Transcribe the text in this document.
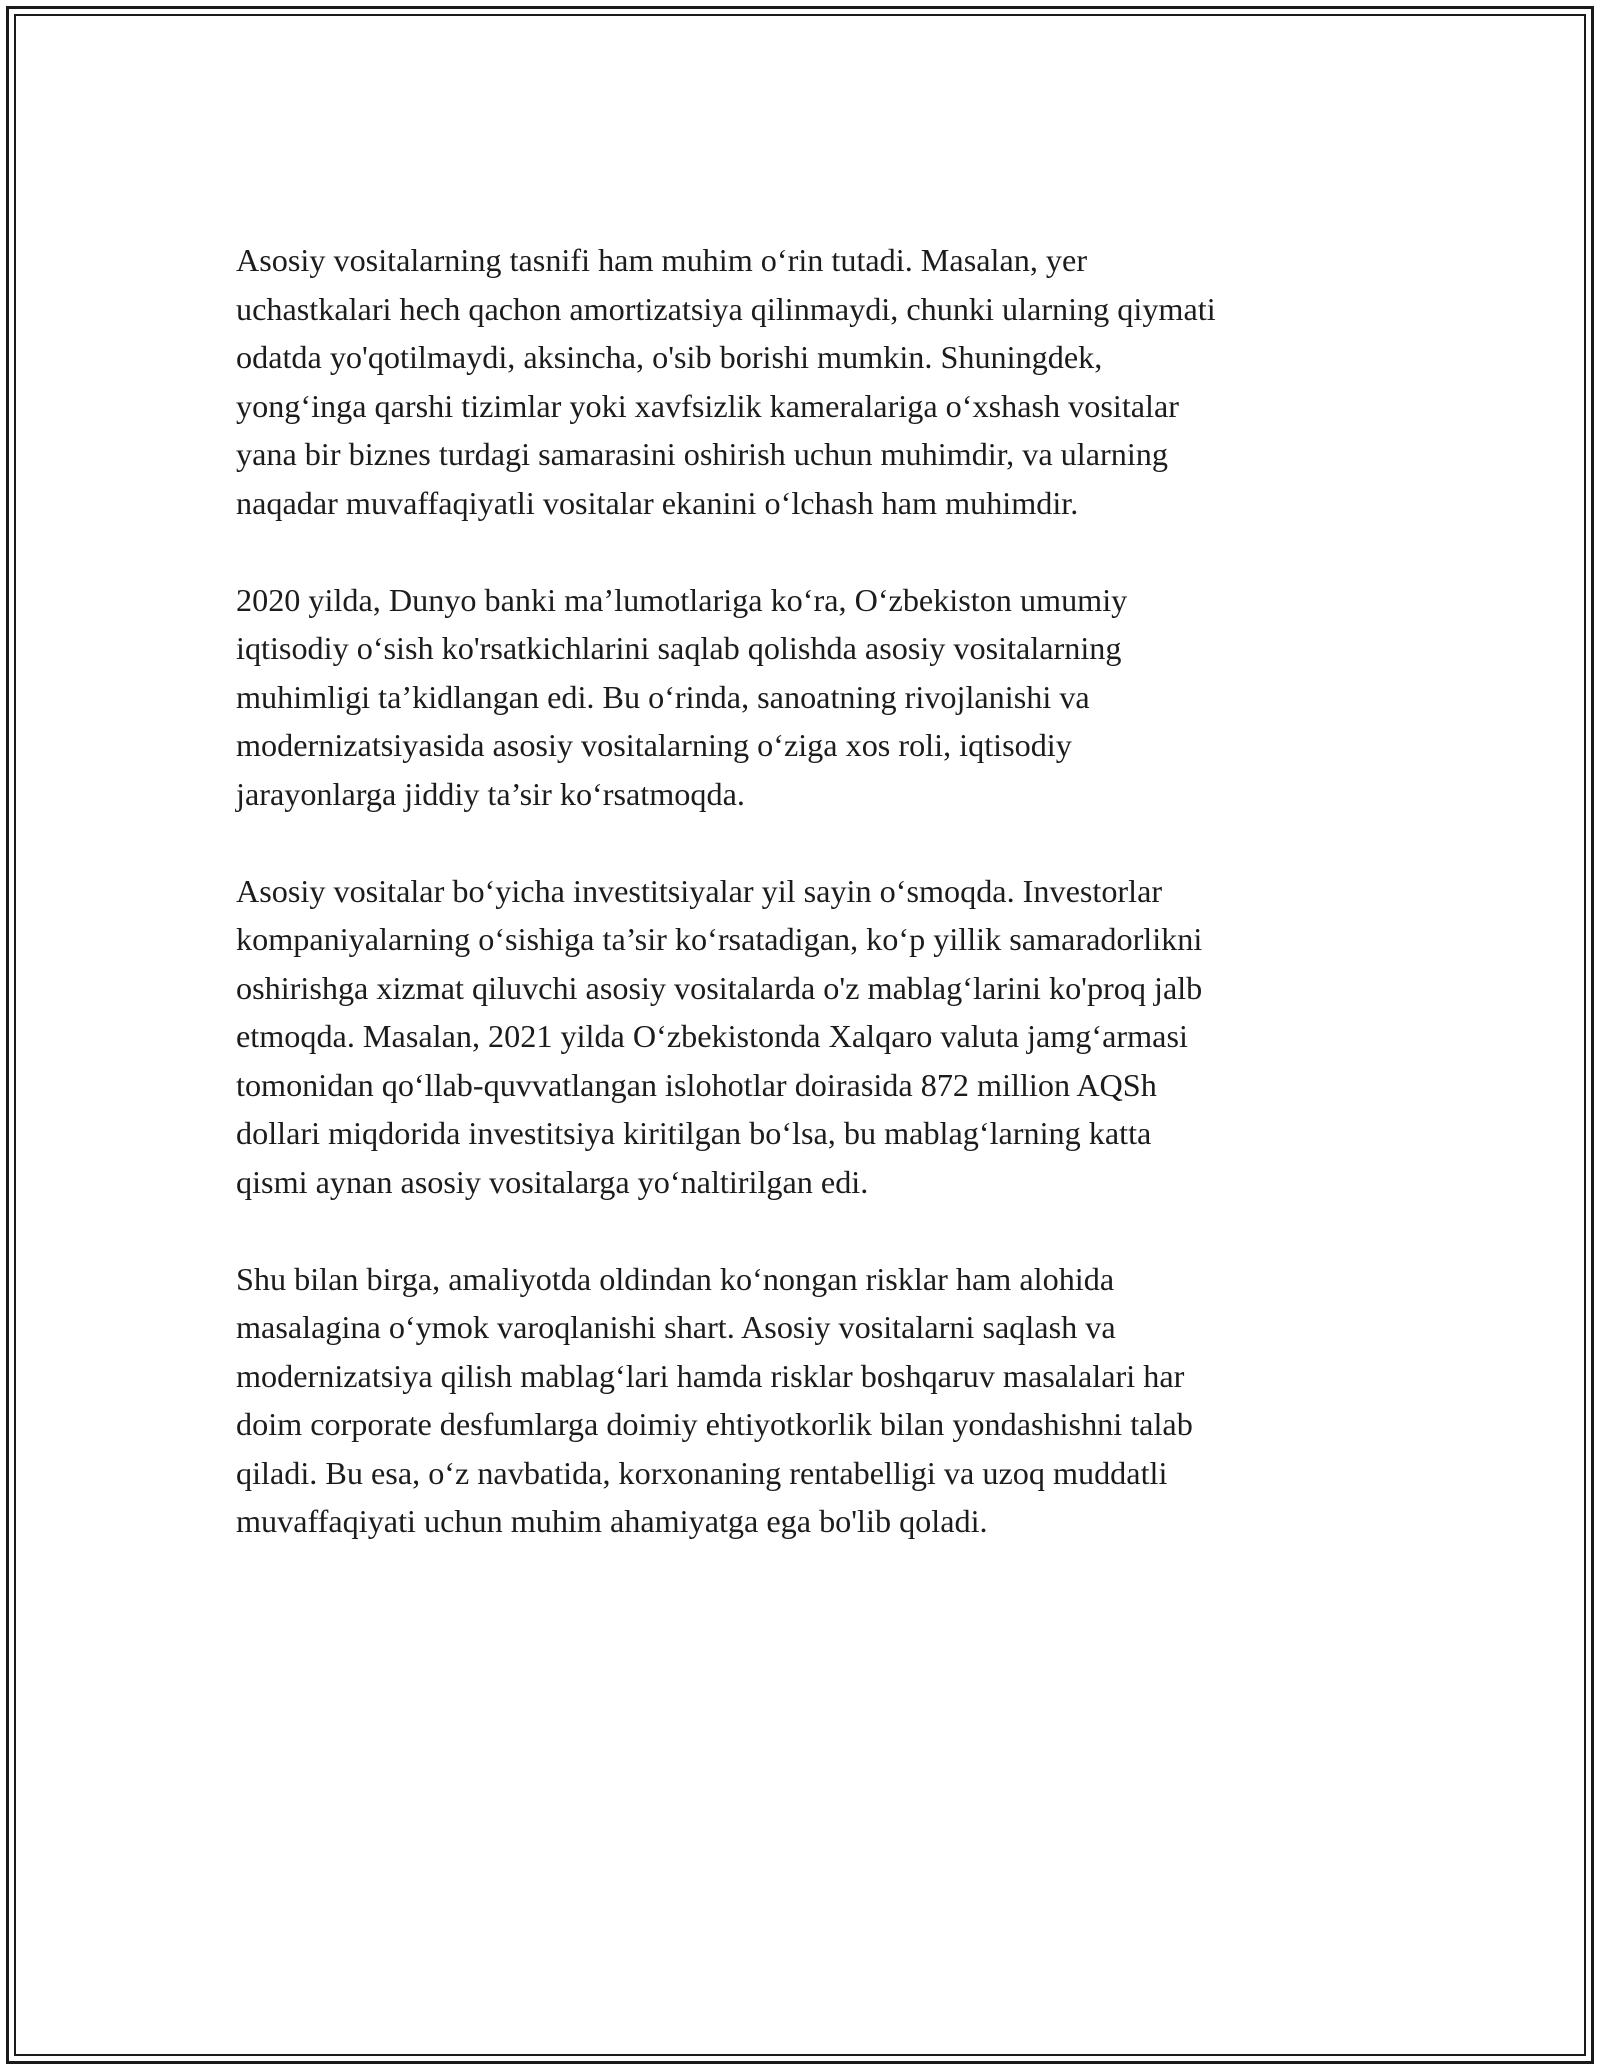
Asosiy vositalarning tasnifi ham muhim o‘rin tutadi. Masalan, yer
uchastkalari hech qachon amortizatsiya qilinmaydi, chunki ularning qiymati
odatda yo'qotilmaydi, aksincha, o'sib borishi mumkin. Shuningdek,
yong‘inga qarshi tizimlar yoki xavfsizlik kameralariga o‘xshash vositalar
yana bir biznes turdagi samarasini oshirish uchun muhimdir, va ularning
naqadar muvaffaqiyatli vositalar ekanini o‘lchash ham muhimdir.

2020 yilda, Dunyo banki ma’lumotlariga ko‘ra, O‘zbekiston umumiy
iqtisodiy o‘sish ko'rsatkichlarini saqlab qolishda asosiy vositalarning
muhimligi ta’kidlangan edi. Bu o‘rinda, sanoatning rivojlanishi va
modernizatsiyasida asosiy vositalarning o‘ziga xos roli, iqtisodiy
jarayonlarga jiddiy ta’sir ko‘rsatmoqda.

Asosiy vositalar bo‘yicha investitsiyalar yil sayin o‘smoqda. Investorlar
kompaniyalarning o‘sishiga ta’sir ko‘rsatadigan, ko‘p yillik samaradorlikni
oshirishga xizmat qiluvchi asosiy vositalarda o'z mablag‘larini ko'proq jalb
etmoqda. Masalan, 2021 yilda O‘zbekistonda Xalqaro valuta jamg‘armasi
tomonidan qo‘llab-quvvatlangan islohotlar doirasida 872 million AQSh
dollari miqdorida investitsiya kiritilgan bo‘lsa, bu mablag‘larning katta
qismi aynan asosiy vositalarga yo‘naltirilgan edi.

Shu bilan birga, amaliyotda oldindan ko‘nongan risklar ham alohida
masalagina o‘ymok varoqlanishi shart. Asosiy vositalarni saqlash va
modernizatsiya qilish mablag‘lari hamda risklar boshqaruv masalalari har
doim corporate desfumlarga doimiy ehtiyotkorlik bilan yondashishni talab
qiladi. Bu esa, o‘z navbatida, korxonaning rentabelligi va uzoq muddatli
muvaffaqiyati uchun muhim ahamiyatga ega bo'lib qoladi.
